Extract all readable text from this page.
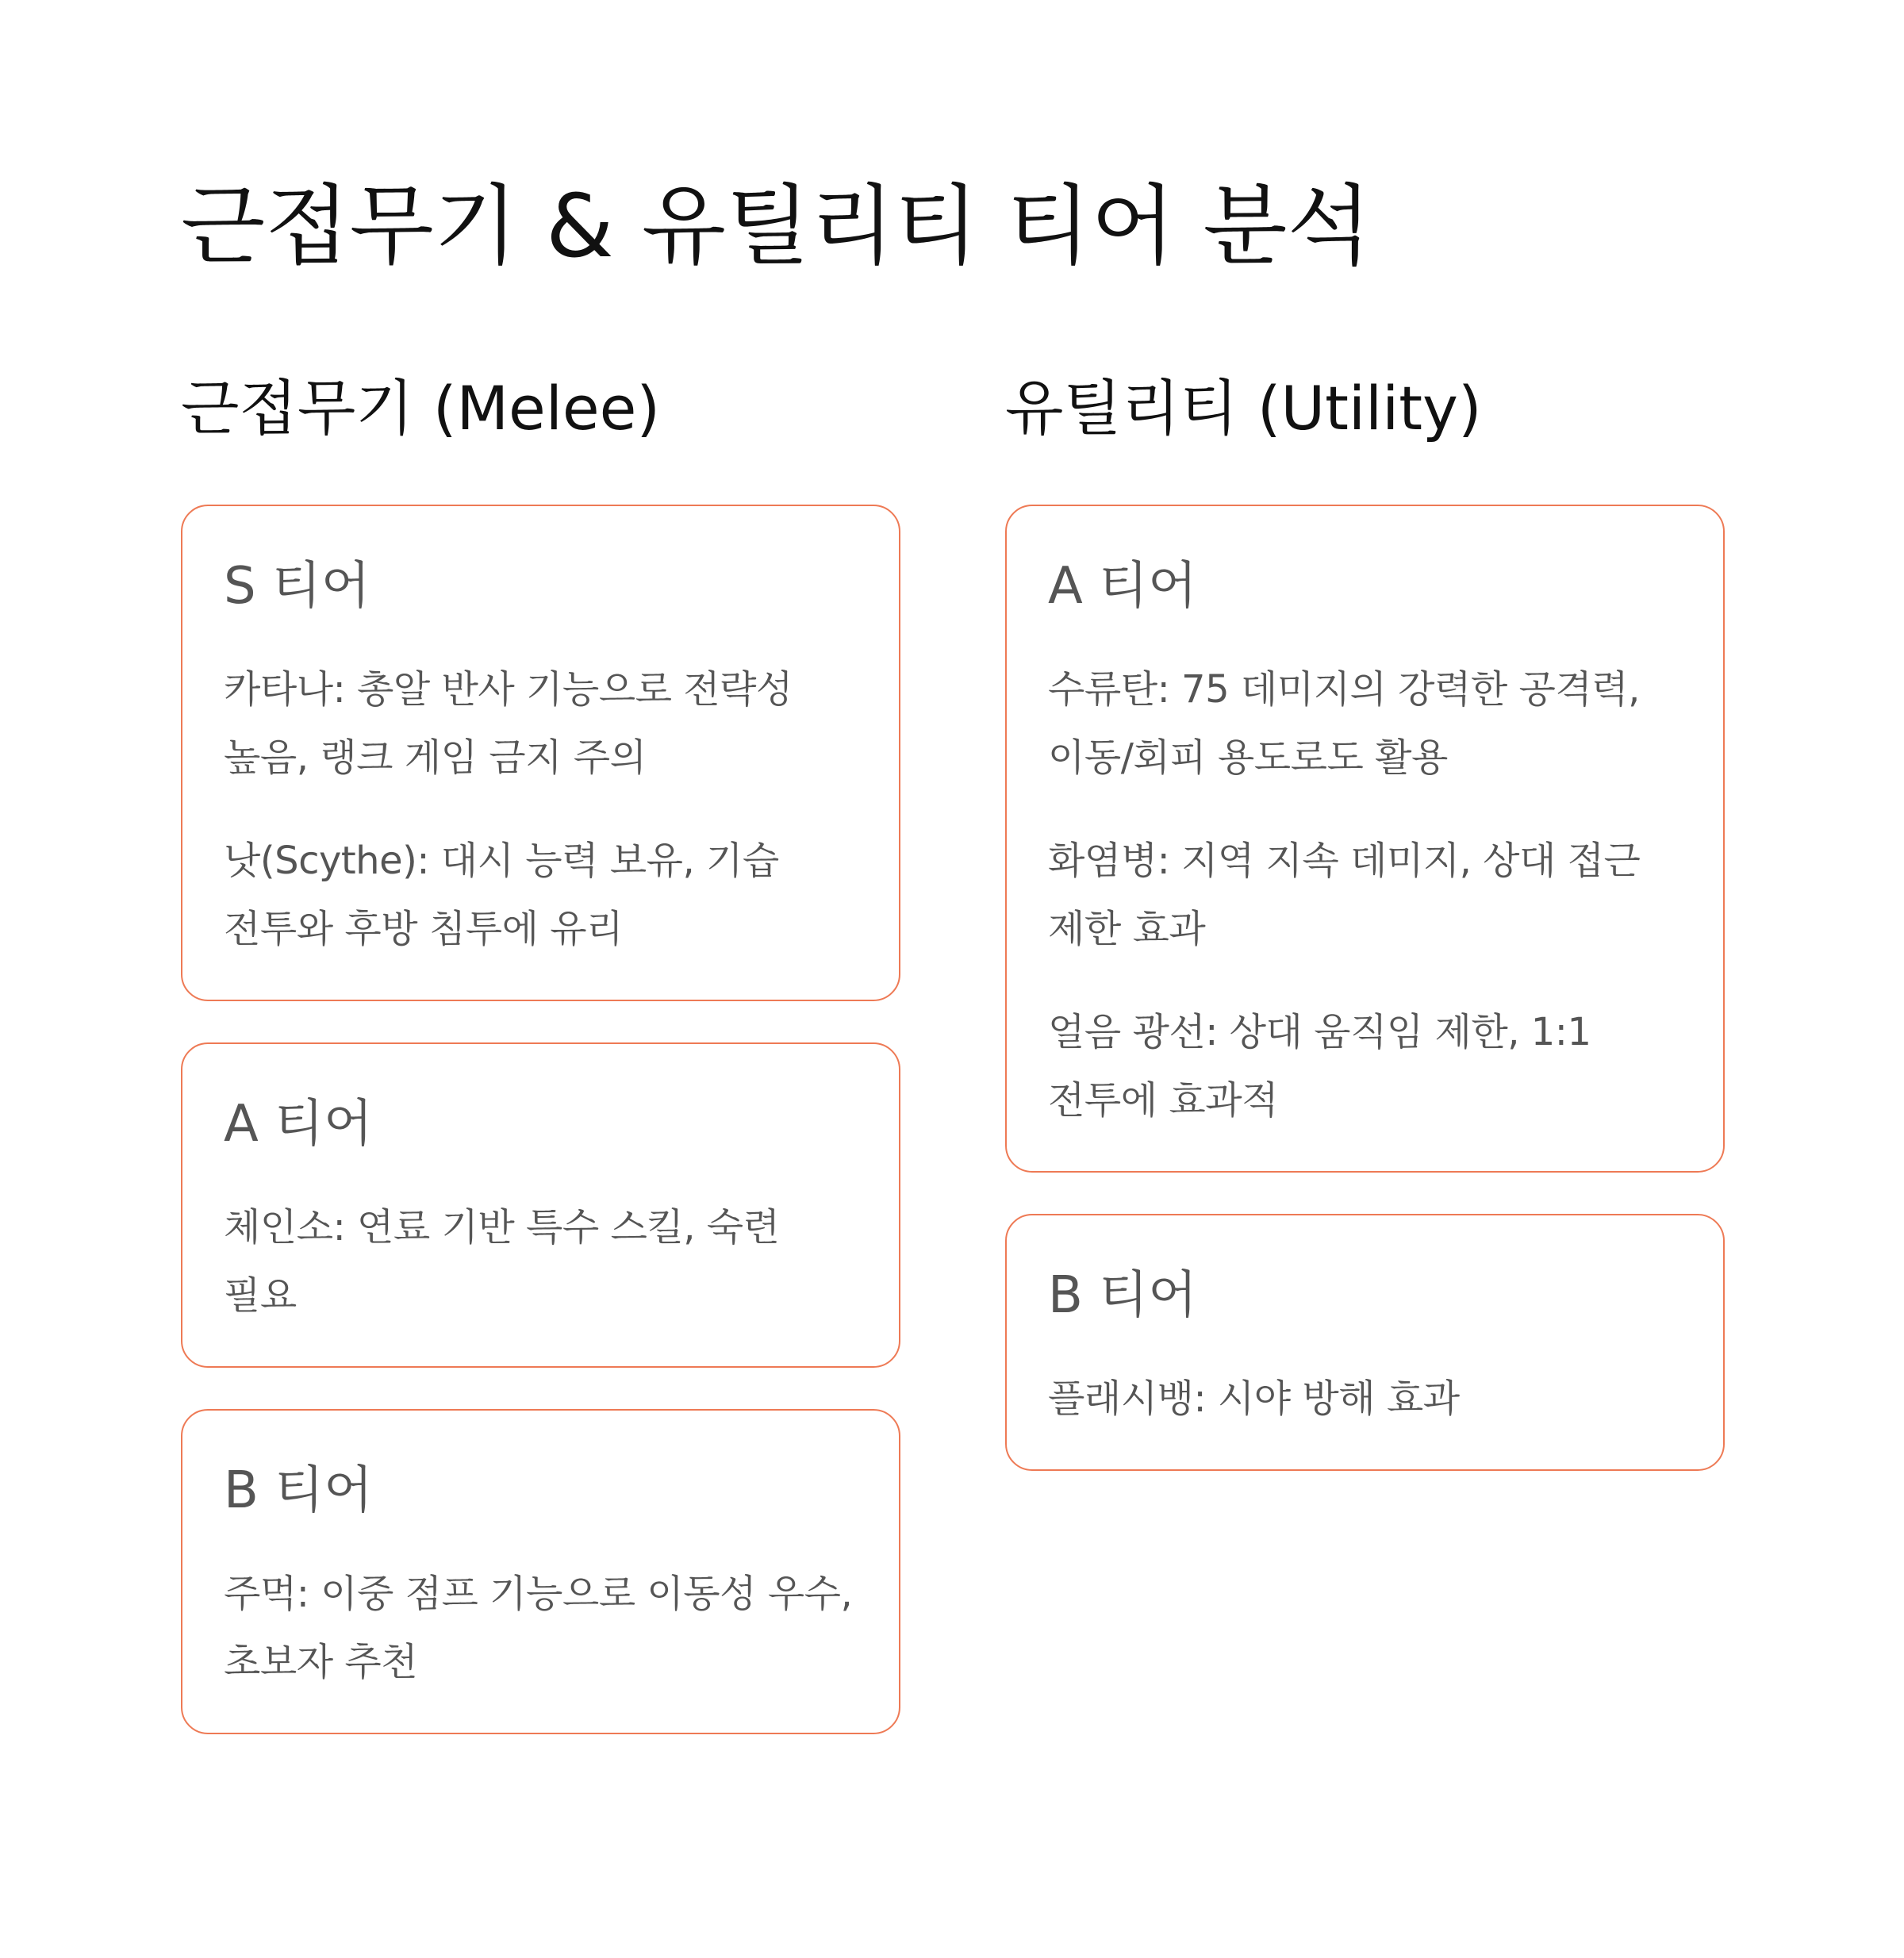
근접무기 & 유틸리티 티어 분석
근접무기 (Melee)
S 티어
카타나: 총알 반사 기능으로 전략성 높음, 랭크 게임 금지 주의
낫(Scythe): 대시 능력 보유, 기습 전투와 후방 침투에 유리
A 티어
체인소: 연료 기반 특수 스킬, 숙련 필요
B 티어
주먹: 이중 점프 기능으로 이동성 우수, 초보자 추천
유틸리티 (Utility)
A 티어
수류탄: 75 데미지의 강력한 공격력, 이동/회피 용도로도 활용
화염병: 지역 지속 데미지, 상대 접근 제한 효과
얼음 광선: 상대 움직임 제한, 1:1 전투에 효과적
B 티어
플래시뱅: 시야 방해 효과
